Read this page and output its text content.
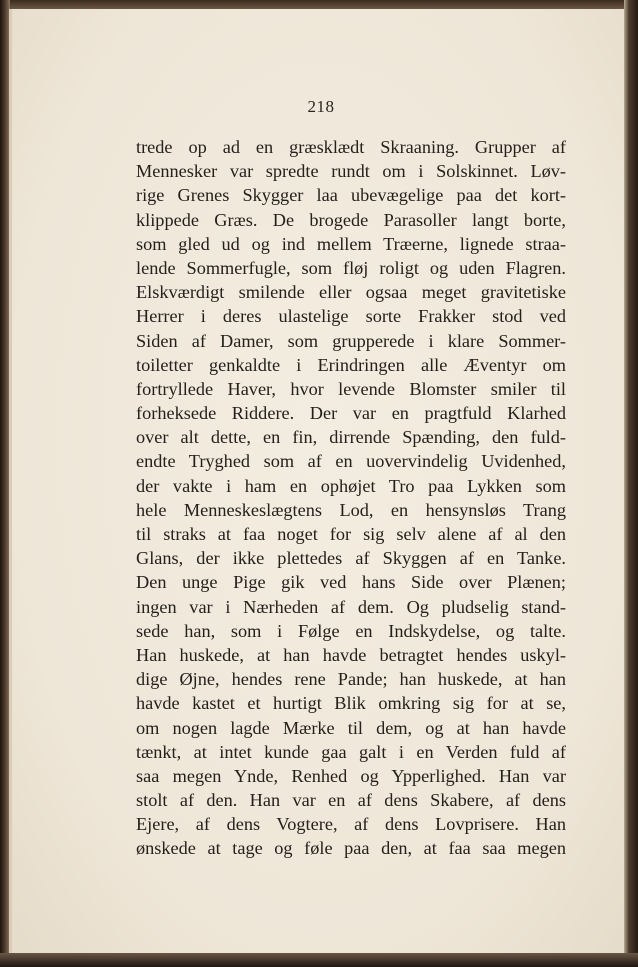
218
trede op ad en græsklædt Skraaning. Grupper af
Mennesker var spredte rundt om i Solskinnet. Løv-
rige Grenes Skygger laa ubevægelige paa det kort-
klippede Græs. De brogede Parasoller langt borte,
som gled ud og ind mellem Træerne, lignede straa-
lende Sommerfugle, som fløj roligt og uden Flagren.
Elskværdigt smilende eller ogsaa meget gravitetiske
Herrer i deres ulastelige sorte Frakker stod ved
Siden af Damer, som grupperede i klare Sommer-
toiletter genkaldte i Erindringen alle Æventyr om
fortryllede Haver, hvor levende Blomster smiler til
forheksede Riddere. Der var en pragtfuld Klarhed
over alt dette, en fin, dirrende Spænding, den fuld-
endte Tryghed som af en uovervindelig Uvidenhed,
der vakte i ham en ophøjet Tro paa Lykken som
hele Menneskeslægtens Lod, en hensynsløs Trang
til straks at faa noget for sig selv alene af al den
Glans, der ikke plettedes af Skyggen af en Tanke.
Den unge Pige gik ved hans Side over Plænen;
ingen var i Nærheden af dem. Og pludselig stand-
sede han, som i Følge en Indskydelse, og talte.
Han huskede, at han havde betragtet hendes uskyl-
dige Øjne, hendes rene Pande; han huskede, at han
havde kastet et hurtigt Blik omkring sig for at se,
om nogen lagde Mærke til dem, og at han havde
tænkt, at intet kunde gaa galt i en Verden fuld af
saa megen Ynde, Renhed og Ypperlighed. Han var
stolt af den. Han var en af dens Skabere, af dens
Ejere, af dens Vogtere, af dens Lovprisere. Han
ønskede at tage og føle paa den, at faa saa megen
